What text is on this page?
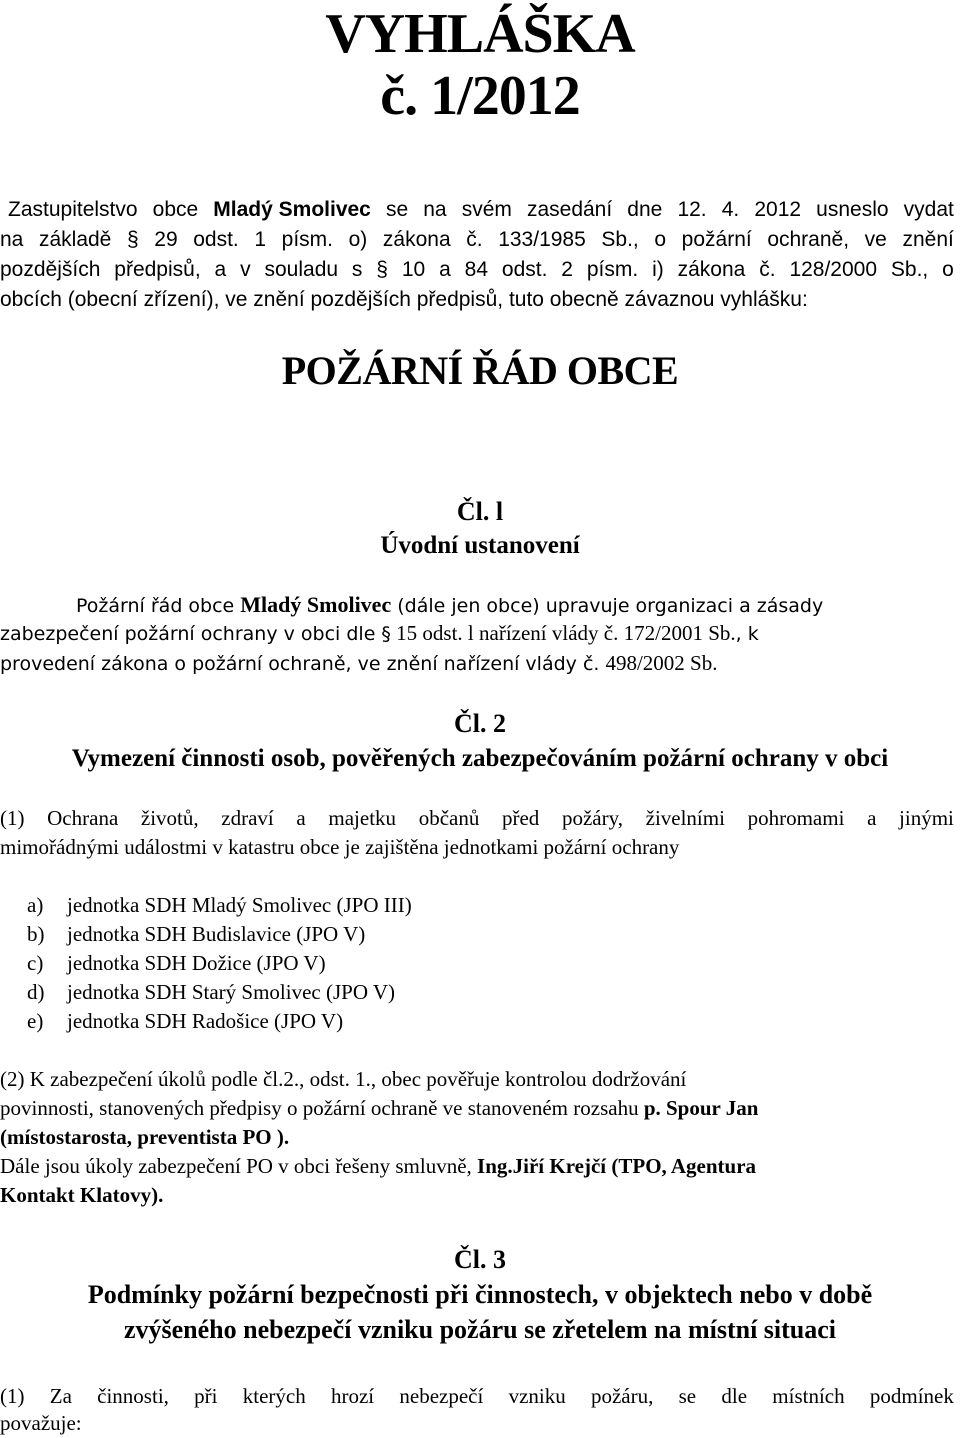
VYHLÁŠKA
č. 1/2012
Zastupitelstvo obce Mladý Smolivec se na svém zasedání dne 12. 4. 2012 usneslo vydat
na základě § 29 odst. 1 písm. o) zákona č. 133/1985 Sb., o požární ochraně, ve znění
pozdějších předpisů, a v souladu s § 10 a 84 odst. 2 písm. i) zákona č. 128/2000 Sb., o
obcích (obecní zřízení), ve znění pozdějších předpisů, tuto obecně závaznou vyhlášku:
POŽÁRNÍ ŘÁD OBCE
Čl. l
Úvodní ustanovení
Požární řád obce Mladý Smolivec (dále jen obce) upravuje organizaci a zásady
zabezpečení požární ochrany v obci dle § 15 odst. l nařízení vlády č. 172/2001 Sb., k
provedení zákona o požární ochraně, ve znění nařízení vlády č. 498/2002 Sb.
Čl. 2
Vymezení činnosti osob, pověřených zabezpečováním požární ochrany v obci
(1) Ochrana životů, zdraví a majetku občanů před požáry, živelními pohromami a jinými
mimořádnými událostmi v katastru obce je zajištěna jednotkami požární ochrany
a) jednotka SDH Mladý Smolivec (JPO III)
b) jednotka SDH Budislavice (JPO V)
c) jednotka SDH Dožice (JPO V)
d) jednotka SDH Starý Smolivec (JPO V)
e) jednotka SDH Radošice (JPO V)
(2) K zabezpečení úkolů podle čl.2., odst. 1., obec pověřuje kontrolou dodržování
povinnosti, stanovených předpisy o požární ochraně ve stanoveném rozsahu p. Spour Jan
(místostarosta, preventista PO ).
Dále jsou úkoly zabezpečení PO v obci řešeny smluvně, Ing.Jiří Krejčí (TPO, Agentura
Kontakt Klatovy).
Čl. 3
Podmínky požární bezpečnosti při činnostech, v objektech nebo v době
zvýšeného nebezpečí vzniku požáru se zřetelem na místní situaci
(1) Za činnosti, při kterých hrozí nebezpečí vzniku požáru, se dle místních podmínek
považuje:
